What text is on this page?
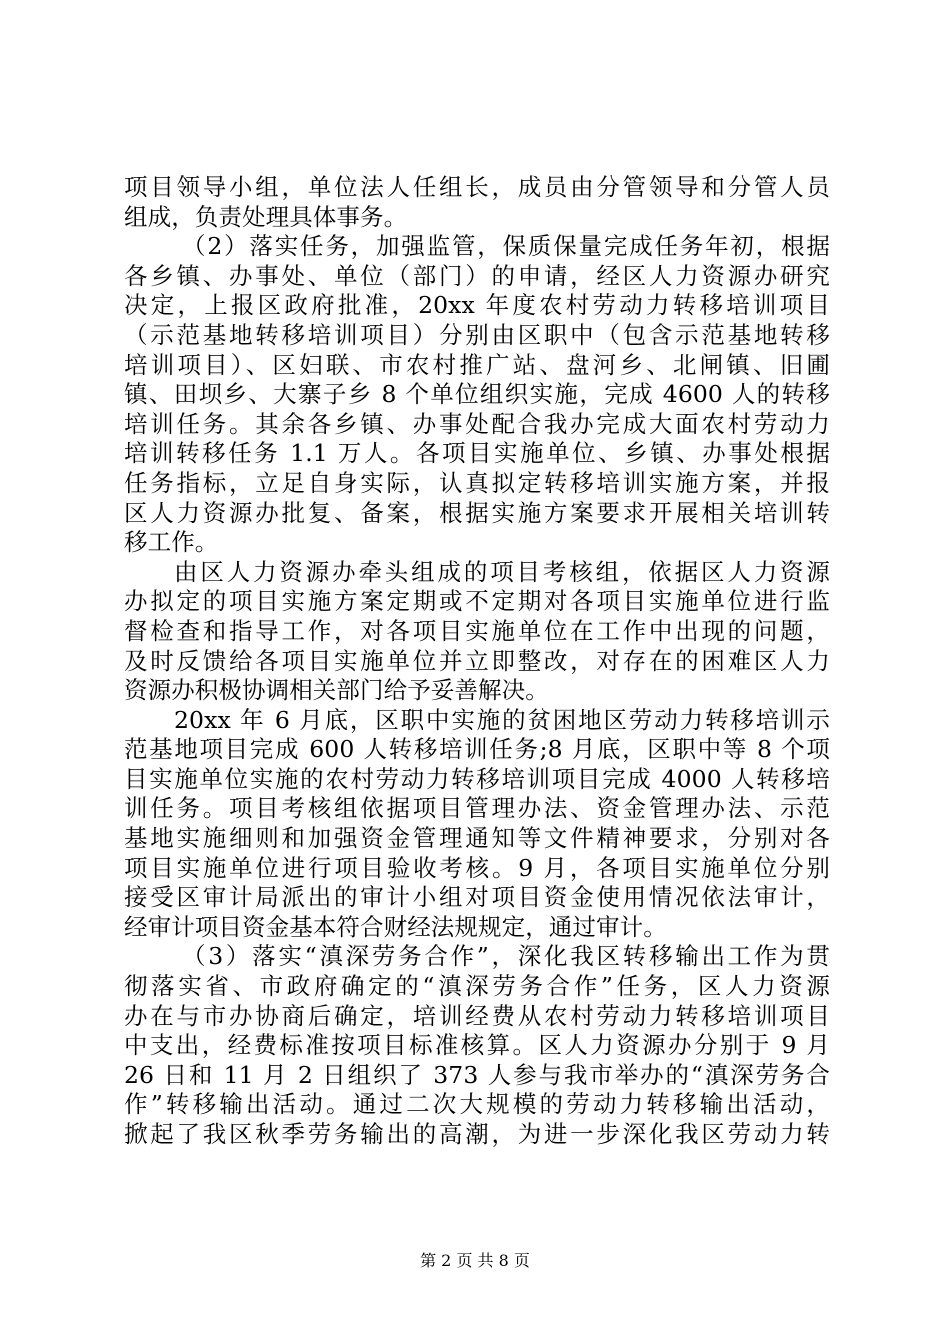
项目领导小组，单位法人任组长，成员由分管领导和分管人员
组成，负责处理具体事务。
（2）落实任务，加强监管，保质保量完成任务年初，根据
各乡镇、办事处、单位（部门）的申请，经区人力资源办研究
决定，上报区政府批准，20xx 年度农村劳动力转移培训项目
（示范基地转移培训项目）分别由区职中（包含示范基地转移
培训项目）、区妇联、市农村推广站、盘河乡、北闸镇、旧圃
镇、田坝乡、大寨子乡 8 个单位组织实施，完成 4600 人的转移
培训任务。其余各乡镇、办事处配合我办完成大面农村劳动力
培训转移任务 1.1 万人。各项目实施单位、乡镇、办事处根据
任务指标，立足自身实际，认真拟定转移培训实施方案，并报
区人力资源办批复、备案，根据实施方案要求开展相关培训转
移工作。
由区人力资源办牵头组成的项目考核组，依据区人力资源
办拟定的项目实施方案定期或不定期对各项目实施单位进行监
督检查和指导工作，对各项目实施单位在工作中出现的问题，
及时反馈给各项目实施单位并立即整改，对存在的困难区人力
资源办积极协调相关部门给予妥善解决。
20xx 年 6 月底，区职中实施的贫困地区劳动力转移培训示
范基地项目完成 600 人转移培训任务;8 月底，区职中等 8 个项
目实施单位实施的农村劳动力转移培训项目完成 4000 人转移培
训任务。项目考核组依据项目管理办法、资金管理办法、示范
基地实施细则和加强资金管理通知等文件精神要求，分别对各
项目实施单位进行项目验收考核。9 月，各项目实施单位分别
接受区审计局派出的审计小组对项目资金使用情况依法审计，
经审计项目资金基本符合财经法规规定，通过审计。
（3）落实“滇深劳务合作”，深化我区转移输出工作为贯
彻落实省、市政府确定的“滇深劳务合作”任务，区人力资源
办在与市办协商后确定，培训经费从农村劳动力转移培训项目
中支出，经费标准按项目标准核算。区人力资源办分别于 9 月
26 日和 11 月 2 日组织了 373 人参与我市举办的“滇深劳务合
作”转移输出活动。通过二次大规模的劳动力转移输出活动，
掀起了我区秋季劳务输出的高潮，为进一步深化我区劳动力转
第 2 页 共 8 页
